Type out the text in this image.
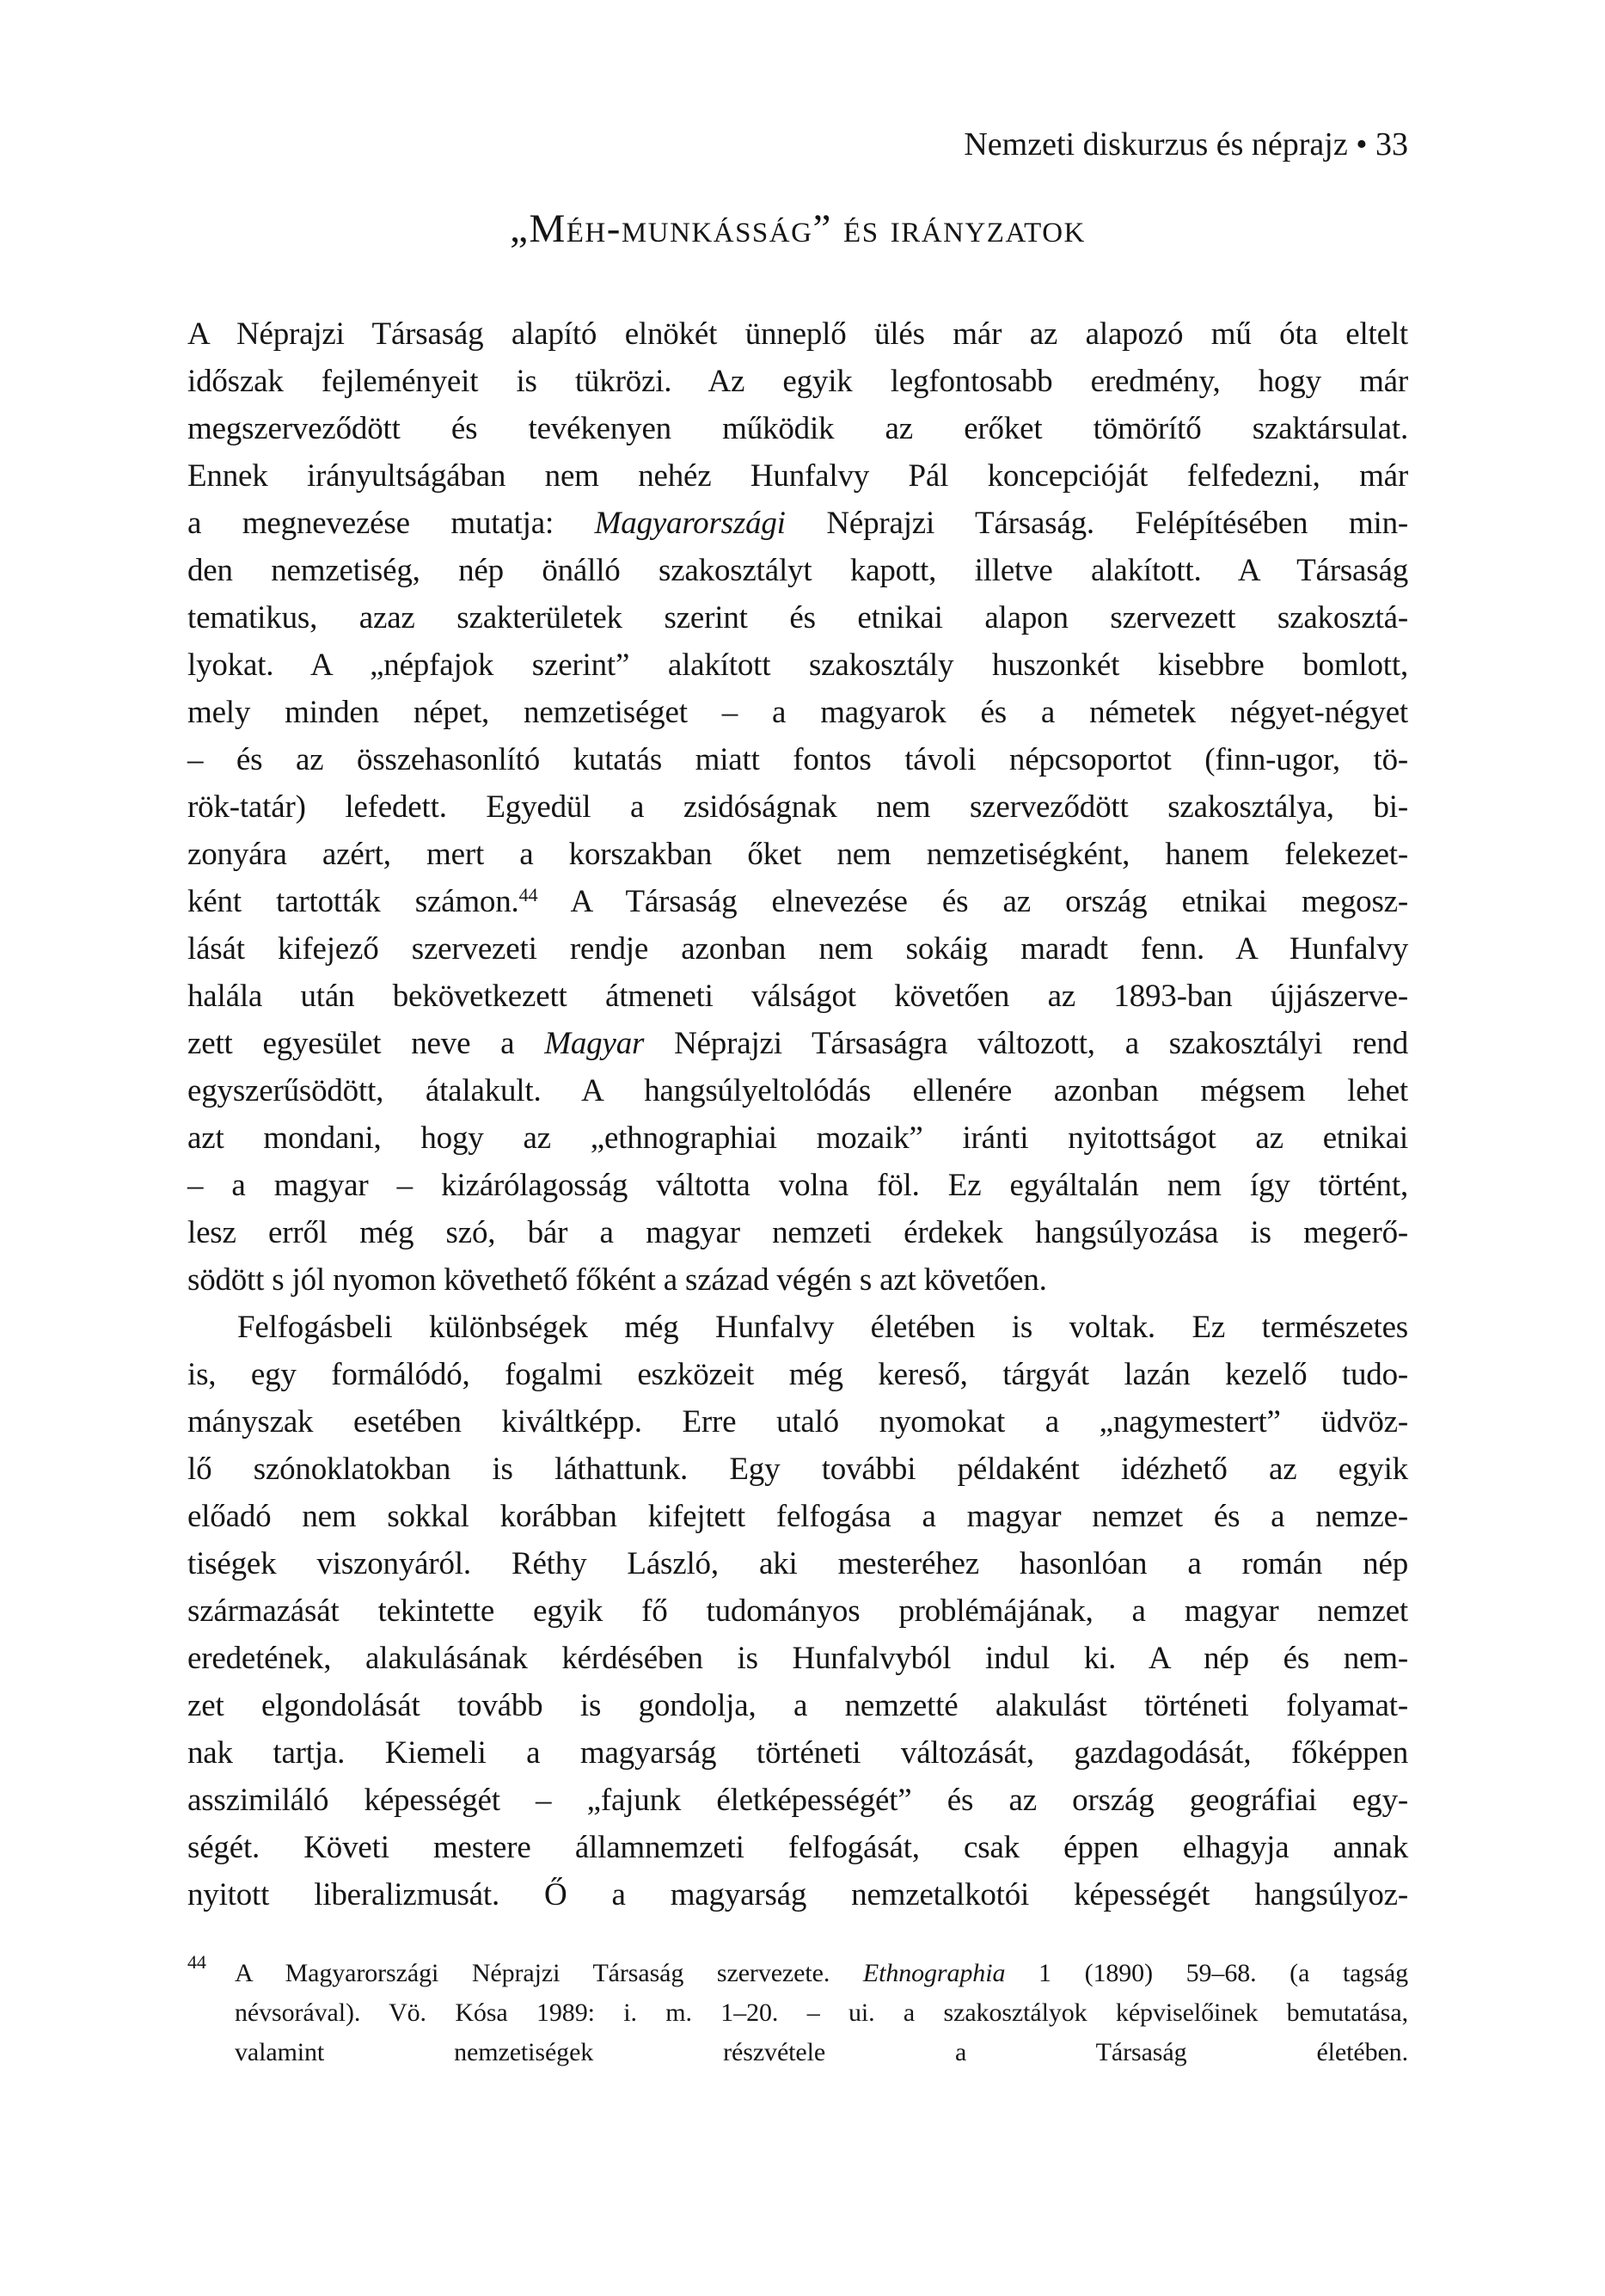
Nemzeti diskurzus és néprajz • 33
„Méh-munkásság” és irányzatok
A Néprajzi Társaság alapító elnökét ünneplő ülés már az alapozó mű óta eltelt
időszak fejleményeit is tükrözi. Az egyik legfontosabb eredmény, hogy már
megszerveződött és tevékenyen működik az erőket tömörítő szaktársulat.
Ennek irányultságában nem nehéz Hunfalvy Pál koncepcióját felfedezni, már
a megnevezése mutatja: Magyarországi Néprajzi Társaság. Felépítésében min-
den nemzetiség, nép önálló szakosztályt kapott, illetve alakított. A Társaság
tematikus, azaz szakterületek szerint és etnikai alapon szervezett szakosztá-
lyokat. A „népfajok szerint” alakított szakosztály huszonkét kisebbre bomlott,
mely minden népet, nemzetiséget – a magyarok és a németek négyet-négyet
– és az összehasonlító kutatás miatt fontos távoli népcsoportot (finn-ugor, tö-
rök-tatár) lefedett. Egyedül a zsidóságnak nem szerveződött szakosztálya, bi-
zonyára azért, mert a korszakban őket nem nemzetiségként, hanem felekezet-
ként tartották számon.$^{44}$ A Társaság elnevezése és az ország etnikai megosz-
lását kifejező szervezeti rendje azonban nem sokáig maradt fenn. A Hunfalvy
halála után bekövetkezett átmeneti válságot követően az 1893-ban újjászerve-
zett egyesület neve a Magyar Néprajzi Társaságra változott, a szakosztályi rend
egyszerűsödött, átalakult. A hangsúlyeltolódás ellenére azonban mégsem lehet
azt mondani, hogy az „ethnographiai mozaik” iránti nyitottságot az etnikai
– a magyar – kizárólagosság váltotta volna föl. Ez egyáltalán nem így történt,
lesz erről még szó, bár a magyar nemzeti érdekek hangsúlyozása is megerő-
södött s jól nyomon követhető főként a század végén s azt követően.
Felfogásbeli különbségek még Hunfalvy életében is voltak. Ez természetes
is, egy formálódó, fogalmi eszközeit még kereső, tárgyát lazán kezelő tudo-
mányszak esetében kiváltképp. Erre utaló nyomokat a „nagymestert” üdvöz-
lő szónoklatokban is láthattunk. Egy további példaként idézhető az egyik
előadó nem sokkal korábban kifejtett felfogása a magyar nemzet és a nemze-
tiségek viszonyáról. Réthy László, aki mesteréhez hasonlóan a román nép
származását tekintette egyik fő tudományos problémájának, a magyar nemzet
eredetének, alakulásának kérdésében is Hunfalvyból indul ki. A nép és nem-
zet elgondolását tovább is gondolja, a nemzetté alakulást történeti folyamat-
nak tartja. Kiemeli a magyarság történeti változását, gazdagodását, főképpen
asszimiláló képességét – „fajunk életképességét” és az ország geográfiai egy-
ségét. Követi mestere államnemzeti felfogását, csak éppen elhagyja annak
nyitott liberalizmusát. Ő a magyarság nemzetalkotói képességét hangsúlyoz-
44 A Magyarországi Néprajzi Társaság szervezete. Ethnographia 1 (1890) 59–68. (a tagság
névsorával). Vö. Kósa 1989: i. m. 1–20. – ui. a szakosztályok képviselőinek bemutatása,
valamint nemzetiségek részvétele a Társaság életében.
